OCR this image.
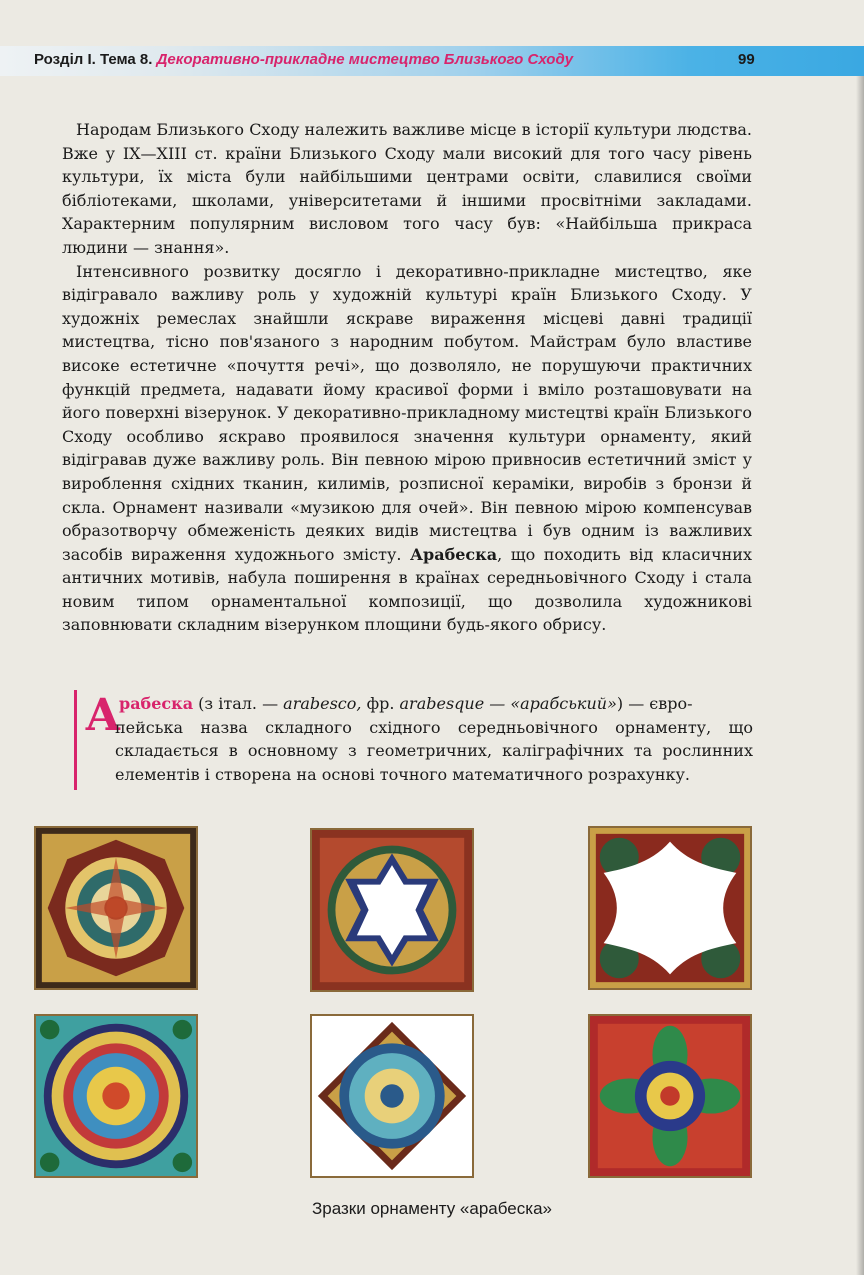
Розділ І. Тема 8. Декоративно-прикладне мистецтво Близького Сходу	99

Народам Близького Сходу належить важливе місце в історії культури людства. Вже у IX—XIII ст. країни Близького Сходу мали високий для того часу рівень культури, їх міста були найбільшими центрами освіти, славилися своїми бібліотеками, школами, університетами й іншими просвітніми закладами. Характерним популярним висловом того часу був: «Найбільша прикраса людини — знання».

Інтенсивного розвитку досягло і декоративно-прикладне мистецтво, яке відігравало важливу роль у художній культурі країн Близького Сходу. У художніх ремеслах знайшли яскраве вираження місцеві давні традиції мистецтва, тісно пов'язаного з народним побутом. Майстрам було властиве високе естетичне «почуття речі», що дозволяло, не порушуючи практичних функцій предмета, надавати йому красивої форми і вміло розташовувати на його поверхні візерунок. У декоративно-прикладному мистецтві країн Близького Сходу особливо яскраво проявилося значення культури орнаменту, який відігравав дуже важливу роль. Він певною мірою привносив естетичний зміст у вироблення східних тканин, килимів, розписної кераміки, виробів з бронзи й скла. Орнамент називали «музикою для очей». Він певною мірою компенсував образотворчу обмеженість деяких видів мистецтва і був одним із важливих засобів вираження художнього змісту. Арабеска, що походить від класичних античних мотивів, набула поширення в країнах середньовічного Сходу і стала новим типом орнаментальної композиції, що дозволила художникові заповнювати складним візерунком площини будь-якого обрису.

А
рабеска (з італ. — arabesco, фр. arabesque — «арабський») — євро-
пейська назва складного східного середньовічного орнаменту, що складається в основному з геометричних, каліграфічних та рослинних елементів і створена на основі точного математичного розрахунку.
Зразки орнаменту «арабеска»
